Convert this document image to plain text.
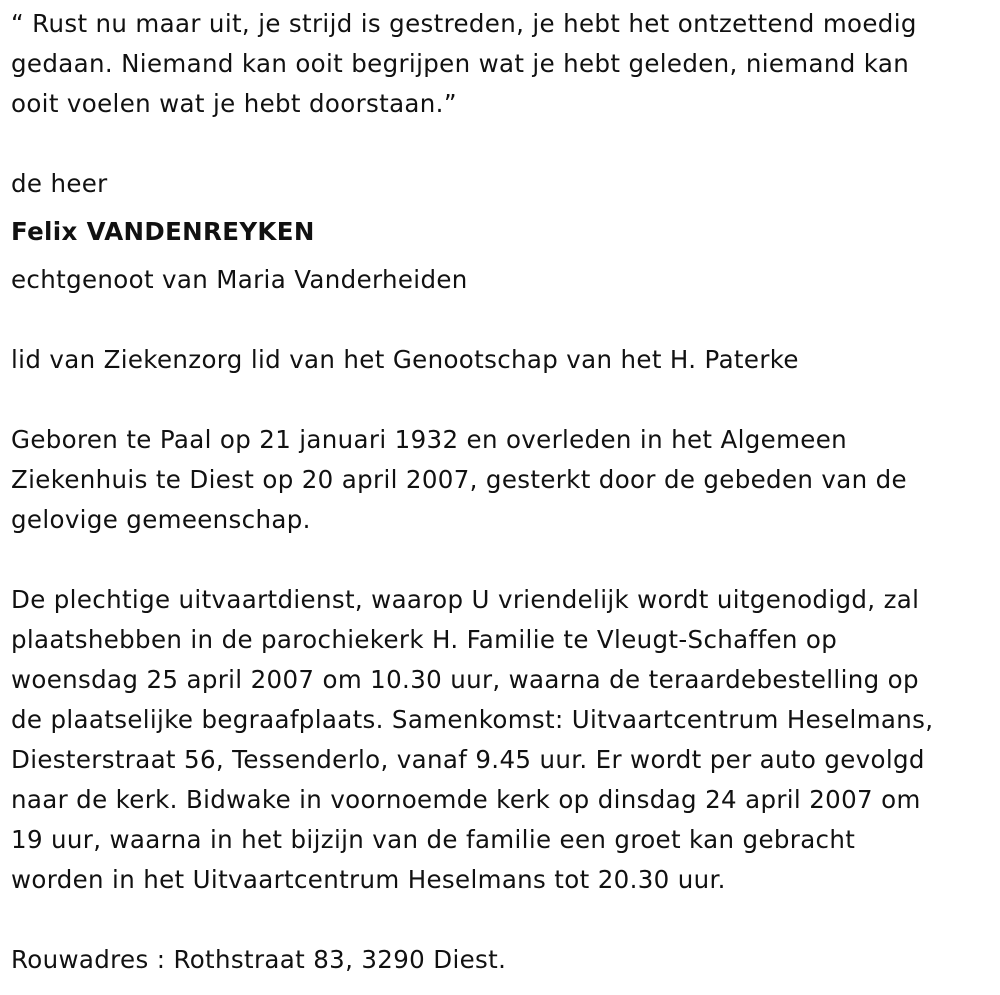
“ Rust nu maar uit, je strijd is gestreden, je hebt het ontzettend moedig

gedaan. Niemand kan ooit begrijpen wat je hebt geleden, niemand kan

ooit voelen wat je hebt doorstaan.”

de heer

Felix VANDENREYKEN

echtgenoot van Maria Vanderheiden

lid van Ziekenzorg lid van het Genootschap van het H. Paterke

Geboren te Paal op 21 januari 1932 en overleden in het Algemeen

Ziekenhuis te Diest op 20 april 2007, gesterkt door de gebeden van de

gelovige gemeenschap.

De plechtige uitvaartdienst, waarop U vriendelijk wordt uitgenodigd, zal

plaatshebben in de parochiekerk H. Familie te Vleugt-Schaffen op

woensdag 25 april 2007 om 10.30 uur, waarna de teraardebestelling op

de plaatselijke begraafplaats. Samenkomst: Uitvaartcentrum Heselmans,

Diesterstraat 56, Tessenderlo, vanaf 9.45 uur. Er wordt per auto gevolgd

naar de kerk. Bidwake in voornoemde kerk op dinsdag 24 april 2007 om

19 uur, waarna in het bijzijn van de familie een groet kan gebracht

worden in het Uitvaartcentrum Heselmans tot 20.30 uur.

Rouwadres : Rothstraat 83, 3290 Diest.
